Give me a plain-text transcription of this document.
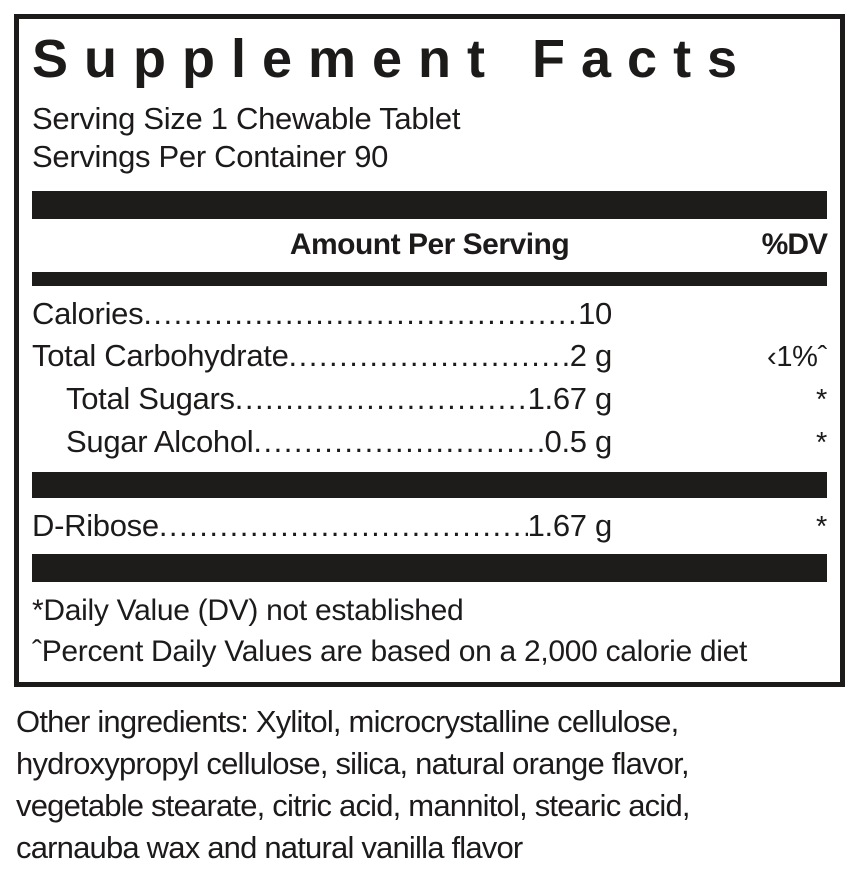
Supplement Facts
Serving Size 1 Chewable Tablet
Servings Per Container 90
Amount Per Serving	%DV
Calories .....	10
Total Carbohydrate .....	2 g	‹1%ˆ
Total Sugars .....	1.67 g	*
Sugar Alcohol .....	0.5 g	*
D-Ribose .....	1.67 g	*
*Daily Value (DV) not established
ˆPercent Daily Values are based on a 2,000 calorie diet
Other ingredients: Xylitol, microcrystalline cellulose,
hydroxypropyl cellulose, silica, natural orange flavor,
vegetable stearate, citric acid, mannitol, stearic acid,
carnauba wax and natural vanilla flavor
